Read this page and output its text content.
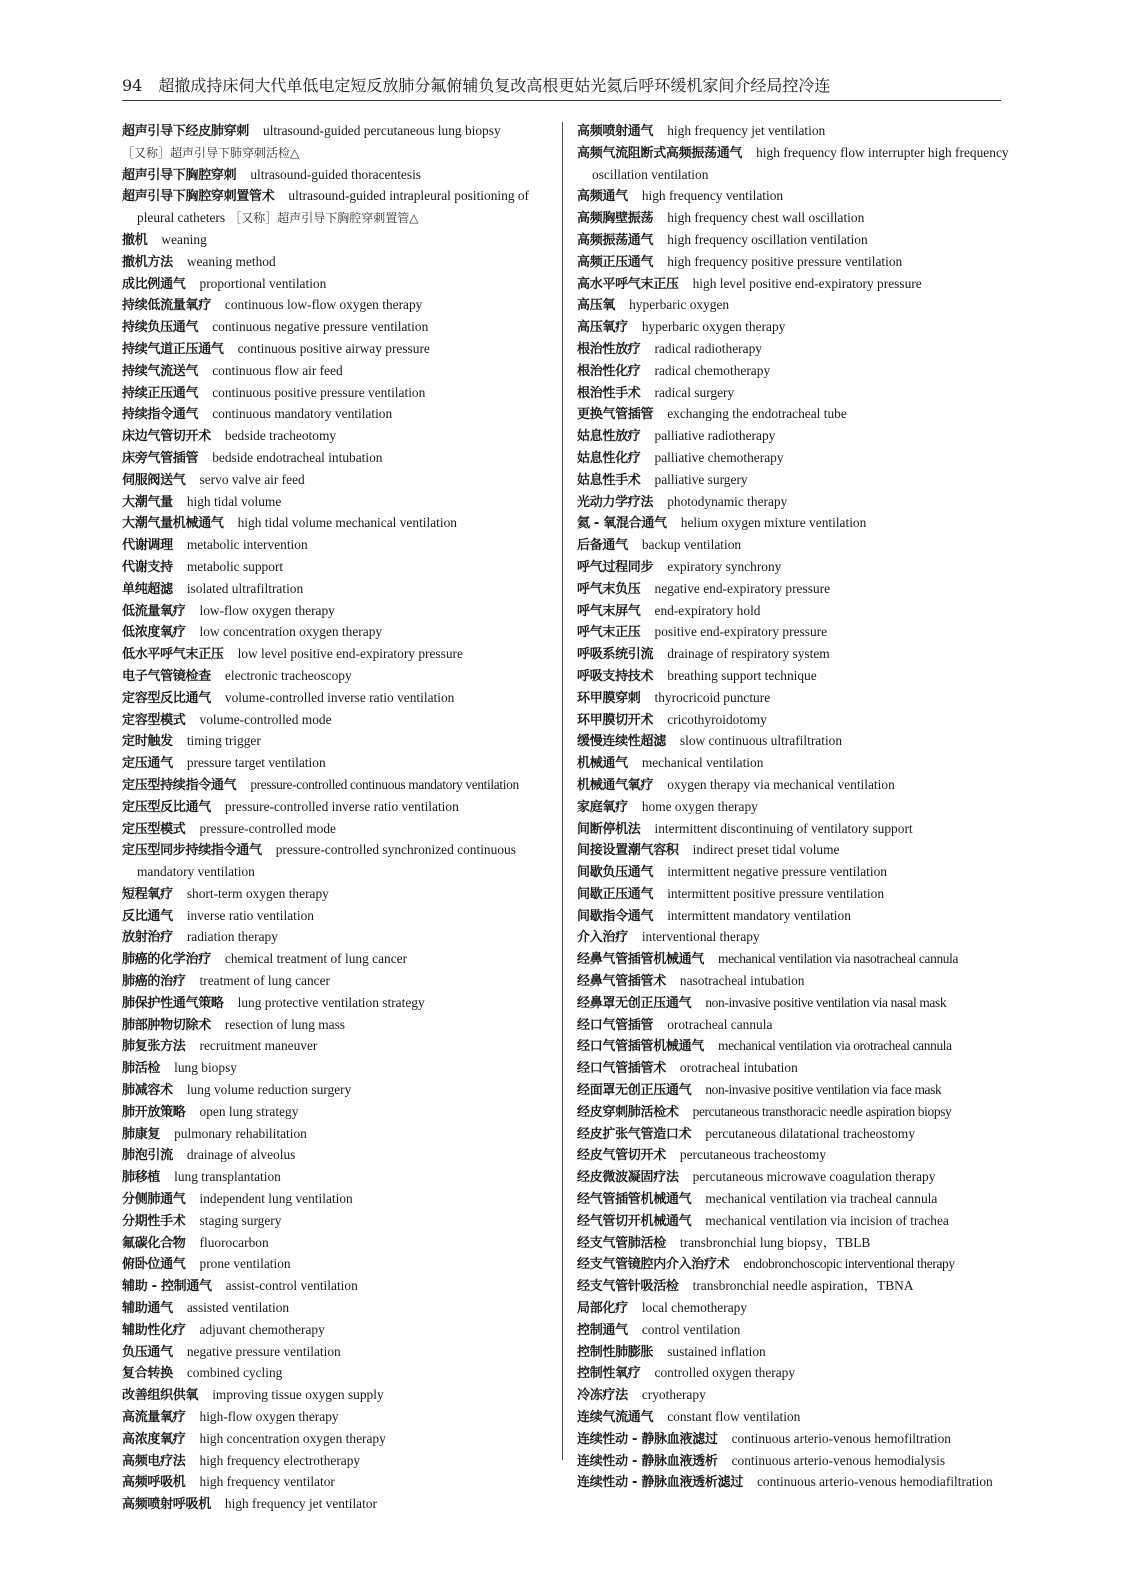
94 超撤成持床伺大代单低电定短反放肺分氟俯辅负复改高根更姑光氦后呼环缓机家间介经局控冷连

超声引导下经皮肺穿刺 ultrasound-guided percutaneous lung biopsy

［又称］超声引导下肺穿刺活检△

超声引导下胸腔穿刺 ultrasound-guided thoracentesis

超声引导下胸腔穿刺置管术 ultrasound-guided intrapleural positioning of pleural catheters ［又称］超声引导下胸腔穿刺置管△

撤机 weaning

撤机方法 weaning method

成比例通气 proportional ventilation

持续低流量氧疗 continuous low-flow oxygen therapy

持续负压通气 continuous negative pressure ventilation

持续气道正压通气 continuous positive airway pressure

持续气流送气 continuous flow air feed

持续正压通气 continuous positive pressure ventilation

持续指令通气 continuous mandatory ventilation

床边气管切开术 bedside tracheotomy

床旁气管插管 bedside endotracheal intubation

伺服阀送气 servo valve air feed

大潮气量 high tidal volume

大潮气量机械通气 high tidal volume mechanical ventilation

代谢调理 metabolic intervention

代谢支持 metabolic support

单纯超滤 isolated ultrafiltration

低流量氧疗 low-flow oxygen therapy

低浓度氧疗 low concentration oxygen therapy

低水平呼气末正压 low level positive end-expiratory pressure

电子气管镜检查 electronic tracheoscopy

定容型反比通气 volume-controlled inverse ratio ventilation

定容型模式 volume-controlled mode

定时触发 timing trigger

定压通气 pressure target ventilation

定压型持续指令通气 pressure-controlled continuous mandatory ventilation

定压型反比通气 pressure-controlled inverse ratio ventilation

定压型模式 pressure-controlled mode

定压型同步持续指令通气 pressure-controlled synchronized continuous mandatory ventilation

短程氧疗 short-term oxygen therapy

反比通气 inverse ratio ventilation

放射治疗 radiation therapy

肺癌的化学治疗 chemical treatment of lung cancer

肺癌的治疗 treatment of lung cancer

肺保护性通气策略 lung protective ventilation strategy

肺部肿物切除术 resection of lung mass

肺复张方法 recruitment maneuver

肺活检 lung biopsy

肺减容术 lung volume reduction surgery

肺开放策略 open lung strategy

肺康复 pulmonary rehabilitation

肺泡引流 drainage of alveolus

肺移植 lung transplantation

分侧肺通气 independent lung ventilation

分期性手术 staging surgery

氟碳化合物 fluorocarbon

俯卧位通气 prone ventilation

辅助 - 控制通气 assist-control ventilation

辅助通气 assisted ventilation

辅助性化疗 adjuvant chemotherapy

负压通气 negative pressure ventilation

复合转换 combined cycling

改善组织供氧 improving tissue oxygen supply

高流量氧疗 high-flow oxygen therapy

高浓度氧疗 high concentration oxygen therapy

高频电疗法 high frequency electrotherapy

高频呼吸机 high frequency ventilator

高频喷射呼吸机 high frequency jet ventilator

高频喷射通气 high frequency jet ventilation

高频气流阻断式高频振荡通气 high frequency flow interrupter high frequency oscillation ventilation

高频通气 high frequency ventilation

高频胸壁振荡 high frequency chest wall oscillation

高频振荡通气 high frequency oscillation ventilation

高频正压通气 high frequency positive pressure ventilation

高水平呼气末正压 high level positive end-expiratory pressure

高压氧 hyperbaric oxygen

高压氧疗 hyperbaric oxygen therapy

根治性放疗 radical radiotherapy

根治性化疗 radical chemotherapy

根治性手术 radical surgery

更换气管插管 exchanging the endotracheal tube

姑息性放疗 palliative radiotherapy

姑息性化疗 palliative chemotherapy

姑息性手术 palliative surgery

光动力学疗法 photodynamic therapy

氦 - 氧混合通气 helium oxygen mixture ventilation

后备通气 backup ventilation

呼气过程同步 expiratory synchrony

呼气末负压 negative end-expiratory pressure

呼气末屏气 end-expiratory hold

呼气末正压 positive end-expiratory pressure

呼吸系统引流 drainage of respiratory system

呼吸支持技术 breathing support technique

环甲膜穿刺 thyrocricoid puncture

环甲膜切开术 cricothyroidotomy

缓慢连续性超滤 slow continuous ultrafiltration

机械通气 mechanical ventilation

机械通气氧疗 oxygen therapy via mechanical ventilation

家庭氧疗 home oxygen therapy

间断停机法 intermittent discontinuing of ventilatory support

间接设置潮气容积 indirect preset tidal volume

间歇负压通气 intermittent negative pressure ventilation

间歇正压通气 intermittent positive pressure ventilation

间歇指令通气 intermittent mandatory ventilation

介入治疗 interventional therapy

经鼻气管插管机械通气 mechanical ventilation via nasotracheal cannula

经鼻气管插管术 nasotracheal intubation

经鼻罩无创正压通气 non-invasive positive ventilation via nasal mask

经口气管插管 orotracheal cannula

经口气管插管机械通气 mechanical ventilation via orotracheal cannula

经口气管插管术 orotracheal intubation

经面罩无创正压通气 non-invasive positive ventilation via face mask

经皮穿刺肺活检术 percutaneous transthoracic needle aspiration biopsy

经皮扩张气管造口术 percutaneous dilatational tracheostomy

经皮气管切开术 percutaneous tracheostomy

经皮微波凝固疗法 percutaneous microwave coagulation therapy

经气管插管机械通气 mechanical ventilation via tracheal cannula

经气管切开机械通气 mechanical ventilation via incision of trachea

经支气管肺活检 transbronchial lung biopsy，TBLB

经支气管镜腔内介入治疗术 endobronchoscopic interventional therapy

经支气管针吸活检 transbronchial needle aspiration，TBNA

局部化疗 local chemotherapy

控制通气 control ventilation

控制性肺膨胀 sustained inflation

控制性氧疗 controlled oxygen therapy

冷冻疗法 cryotherapy

连续气流通气 constant flow ventilation

连续性动 - 静脉血液滤过 continuous arterio-venous hemofiltration

连续性动 - 静脉血液透析 continuous arterio-venous hemodialysis

连续性动 - 静脉血液透析滤过 continuous arterio-venous hemodiafiltration
